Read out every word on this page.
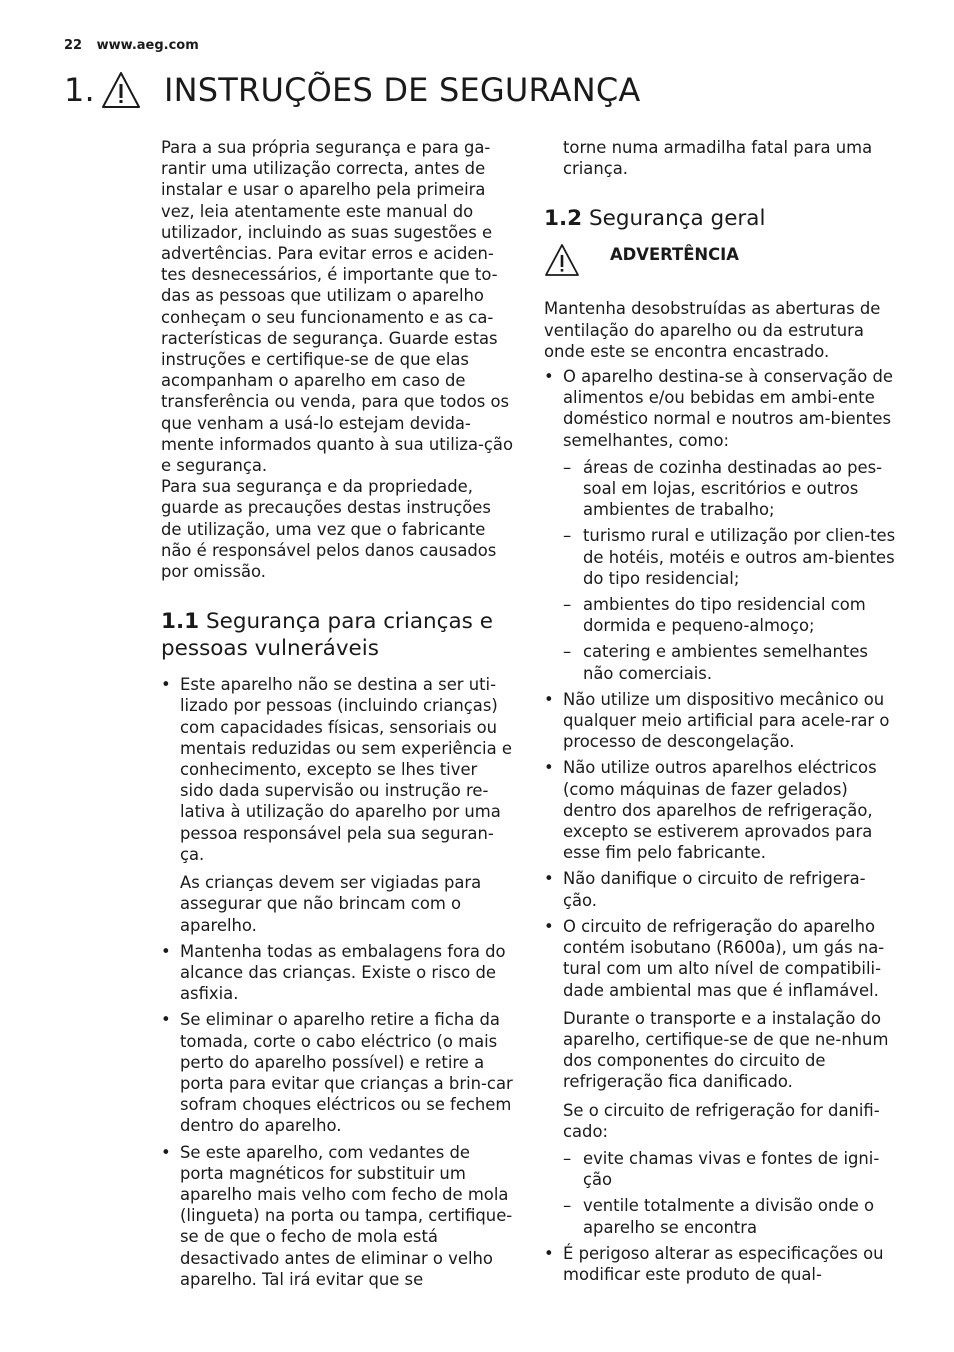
22 www.aeg.com
1. INSTRUÇÕES DE SEGURANÇA

Para a sua própria segurança e para ga-rantir uma utilização correcta, antes de instalar e usar o aparelho pela primeira vez, leia atentamente este manual do utilizador, incluindo as suas sugestões e advertências. Para evitar erros e aciden-tes desnecessários, é importante que to-das as pessoas que utilizam o aparelho conheçam o seu funcionamento e as ca-racterísticas de segurança. Guarde estas instruções e certifique-se de que elas acompanham o aparelho em caso de transferência ou venda, para que todos os que venham a usá-lo estejam devida-mente informados quanto à sua utiliza-ção e segurança.

Para sua segurança e da propriedade, guarde as precauções destas instruções de utilização, uma vez que o fabricante não é responsável pelos danos causados por omissão.

1.1 Segurança para crianças e pessoas vulneráveis
• Este aparelho não se destina a ser uti-lizado por pessoas (incluindo crianças) com capacidades físicas, sensoriais ou mentais reduzidas ou sem experiência e conhecimento, excepto se lhes tiver sido dada supervisão ou instrução re-lativa à utilização do aparelho por uma pessoa responsável pela sua seguran-ça.

As crianças devem ser vigiadas para assegurar que não brincam com o aparelho.

• Mantenha todas as embalagens fora do alcance das crianças. Existe o risco de asfixia.
• Se eliminar o aparelho retire a ficha da tomada, corte o cabo eléctrico (o mais perto do aparelho possível) e retire a porta para evitar que crianças a brin-car sofram choques eléctricos ou se fechem dentro do aparelho.
• Se este aparelho, com vedantes de porta magnéticos for substituir um aparelho mais velho com fecho de mola (lingueta) na porta ou tampa, certifique-se de que o fecho de mola está desactivado antes de eliminar o velho aparelho. Tal irá evitar que se

torne numa armadilha fatal para uma criança.

1.2 Segurança geral
ADVERTÊNCIA

Mantenha desobstruídas as aberturas de ventilação do aparelho ou da estrutura onde este se encontra encastrado.

• O aparelho destina-se à conservação de alimentos e/ou bebidas em ambi-ente doméstico normal e noutros am-bientes semelhantes, como:
– áreas de cozinha destinadas ao pes-soal em lojas, escritórios e outros ambientes de trabalho;
– turismo rural e utilização por clien-tes de hotéis, motéis e outros am-bientes do tipo residencial;
– ambientes do tipo residencial com dormida e pequeno-almoço;
– catering e ambientes semelhantes não comerciais.
• Não utilize um dispositivo mecânico ou qualquer meio artificial para acele-rar o processo de descongelação.
• Não utilize outros aparelhos eléctricos (como máquinas de fazer gelados) dentro dos aparelhos de refrigeração, excepto se estiverem aprovados para esse fim pelo fabricante.
• Não danifique o circuito de refrigera-ção.
• O circuito de refrigeração do aparelho contém isobutano (R600a), um gás na-tural com um alto nível de compatibili-dade ambiental mas que é inflamável.

Durante o transporte e a instalação do aparelho, certifique-se de que ne-nhum dos componentes do circuito de refrigeração fica danificado.

Se o circuito de refrigeração for danifi-cado:

– evite chamas vivas e fontes de igni-ção
– ventile totalmente a divisão onde o aparelho se encontra
• É perigoso alterar as especificações ou modificar este produto de qual-
